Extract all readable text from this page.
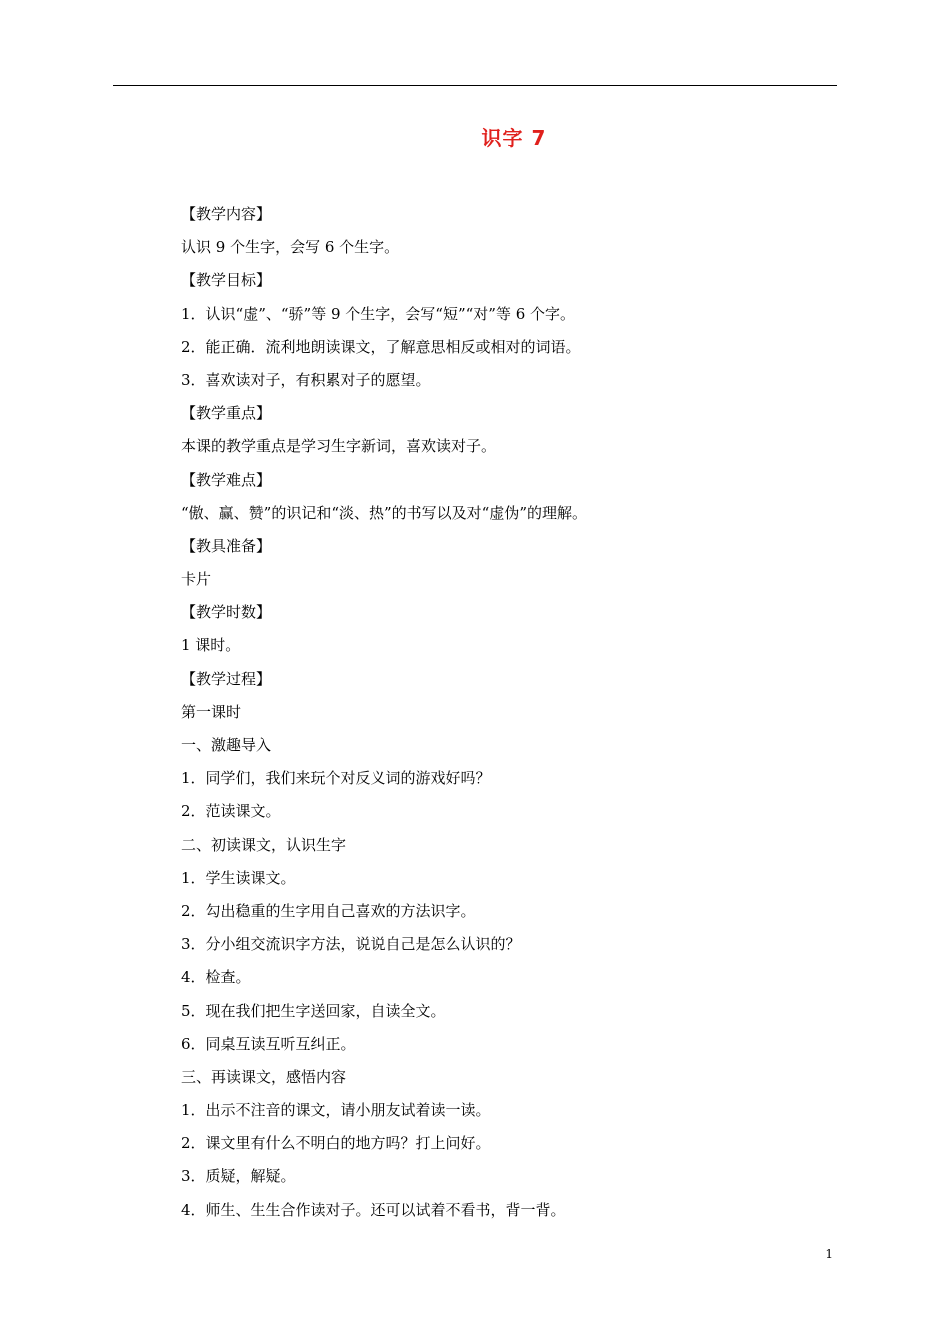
识字 7
【教学内容】
认识 9 个生字，会写 6 个生字。
【教学目标】
1．认识“虚”、“骄”等 9 个生字，会写“短”“对”等 6 个字。
2．能正确．流利地朗读课文，了解意思相反或相对的词语。
3．喜欢读对子，有积累对子的愿望。
【教学重点】
本课的教学重点是学习生字新词，喜欢读对子。
【教学难点】
“傲、赢、赞”的识记和“淡、热”的书写以及对“虚伪”的理解。
【教具准备】
卡片
【教学时数】
1 课时。
【教学过程】
第一课时
一、激趣导入
1．同学们，我们来玩个对反义词的游戏好吗？
2．范读课文。
二、初读课文，认识生字
1．学生读课文。
2．勾出稳重的生字用自己喜欢的方法识字。
3．分小组交流识字方法，说说自己是怎么认识的？
4．检查。
5．现在我们把生字送回家，自读全文。
6．同桌互读互听互纠正。
三、再读课文，感悟内容
1．出示不注音的课文，请小朋友试着读一读。
2．课文里有什么不明白的地方吗？打上问好。
3．质疑，解疑。
4．师生、生生合作读对子。还可以试着不看书，背一背。
1
